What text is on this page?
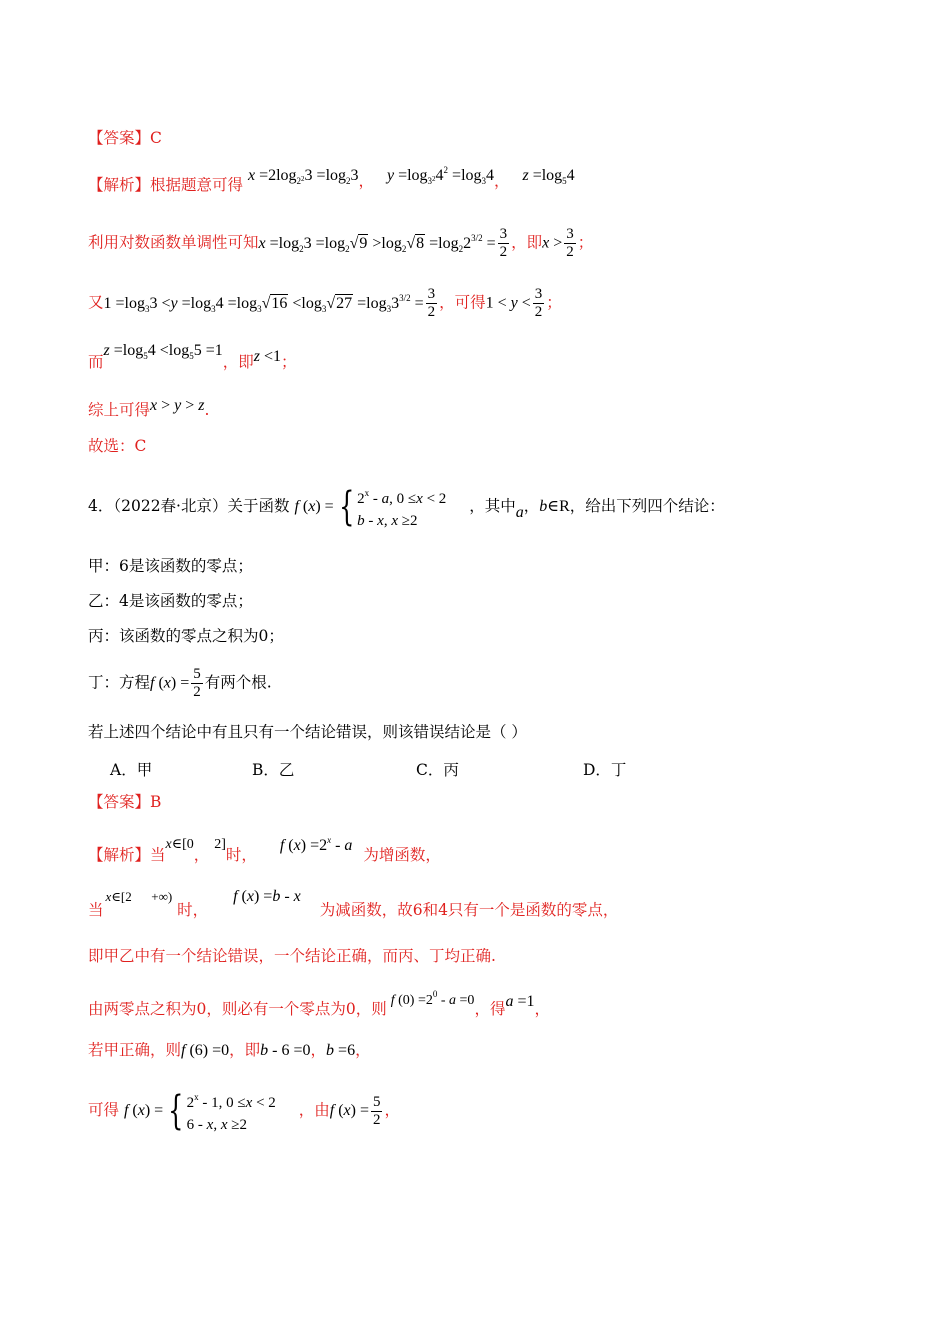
【答案】C
【解析】根据题意可得 $x =2\log_{2^2}3 =\log_23$， $y =\log_{3^2}4^2 =\log_34$， $z =\log_54$
利用对数函数单调性可知$x =\log_23 =\log_2√9 >\log_2√8 =\log_22^{3/2} = \frac{3}{2}$ ，即$x > \frac{3}{2}$ ；
又$1 =\log_33 <y =\log_34 =\log_3√16 <\log_3√27 =\log_33^{3/2} = \frac{3}{2}$ ，可得$1 < y < \frac{3}{2}$ ；
而$z =\log_54 <\log_55 =1$，即z <1；
综上可得x > y > z.
故选：C
4．（2022春·北京）关于函数 f (x) = { 2$^x$ - a, 0 ≤x < 2
b - x, x ≥2 ，其中a，b∈R，给出下列四个结论：
甲：6是该函数的零点；
乙：4是该函数的零点；
丙：该函数的零点之积为0；
丁：方程f $(x) = \frac{5}{2}$ 有两个根.
若上述四个结论中有且只有一个结论错误，则该错误结论是（ ）
A．甲	B．乙	C．丙	D．丁
【答案】B
【解析】当x∈[0， 2]时， f $(x) =2^x - a$ 为增函数，
当$^{x\in[2 +\infty)}$ 时， f (x) =b - x 为减函数，故6和4只有一个是函数的零点，
即甲乙中有一个结论错误，一个结论正确，而丙、丁均正确.
由两零点之积为0，则必有一个零点为0，则 f $(0) =2^0 - a =0$，得a =1，
若甲正确，则f (6) =0，即b - 6 =0，b =6，
可得 f (x) = { 2$^x$ - 1, 0 ≤x < 2
6 - x, x ≥2 ，由f $(x) = \frac{5}{2}$ ，
